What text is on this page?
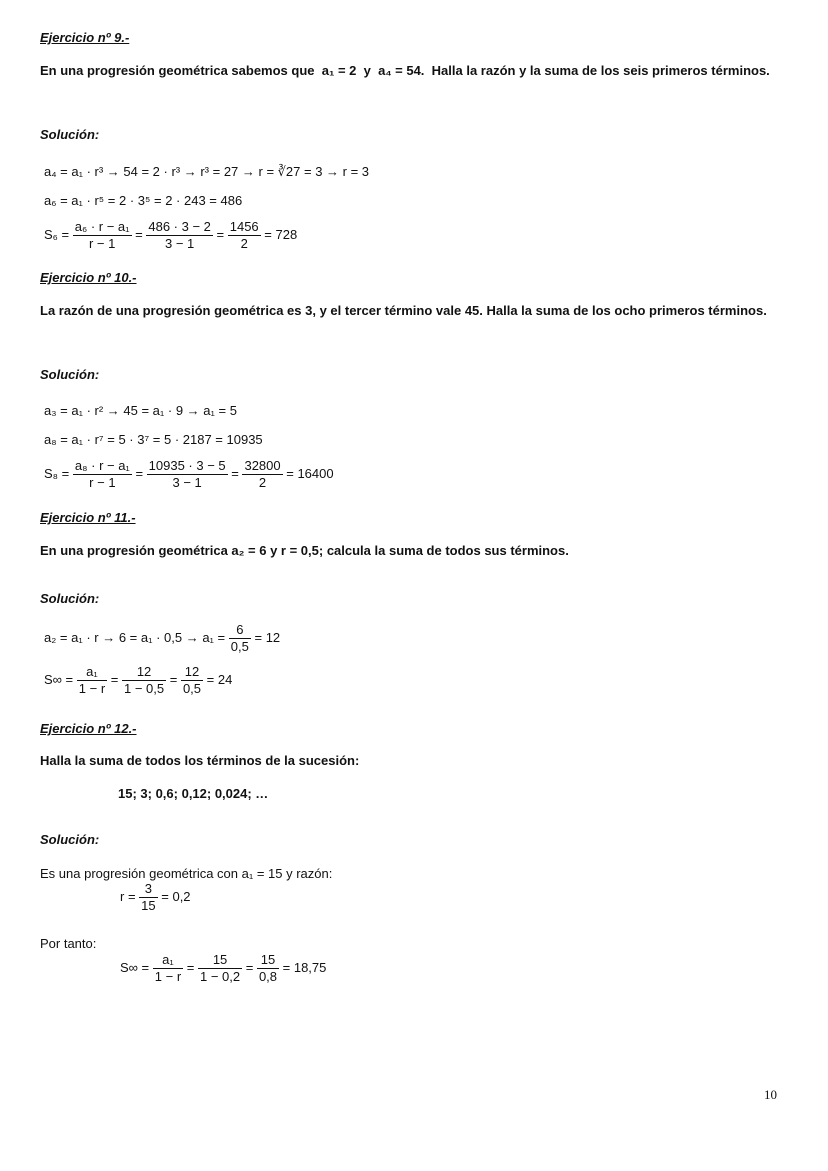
Ejercicio nº 9.-
En una progresión geométrica sabemos que a₁ = 2 y a₄ = 54. Halla la razón y la suma de los seis primeros términos.
Solución:
a₄ = a₁ · r³ → 54 = 2 · r³ → r³ = 27 → r = ∛27 = 3 → r = 3
a₆ = a₁ · r⁵ = 2 · 3⁵ = 2 · 243 = 486
$S_6 = \frac{\text{a₆ · r − a₁}}{r - 1} = \frac{486 \cdot 3 - 2}{3 - 1} = \frac{1456}{2} = 728$
Ejercicio nº 10.-
La razón de una progresión geométrica es 3, y el tercer término vale 45. Halla la suma de los ocho primeros términos.
Solución:
a₃ = a₁ · r² → 45 = a₁ · 9 → a₁ = 5
a₈ = a₁ · r⁷ = 5 · 3⁷ = 5 · 2187 = 10935
$S_8 = \frac{\text{a₈ · r − a₁}}{r - 1} = \frac{10935 \cdot 3 - 5}{3 - 1} = \frac{32800}{2} = 16400$
Ejercicio nº 11.-
En una progresión geométrica a₂ = 6 y r = 0,5; calcula la suma de todos sus términos.
Solución:
$a_2 = a_1 \cdot r \to 6 = a_1 \cdot 0,5 \to a_1 = \frac{6}{0,5} = 12$
$S\infty = \frac{\text{a₁}}{1 - r} = \frac{12}{1 - 0,5} = \frac{12}{0,5} = 24$
Ejercicio nº 12.-
Halla la suma de todos los términos de la sucesión:
15; 3; 0,6; 0,12; 0,024; …
Solución:
Es una progresión geométrica con a₁ = 15 y razón:
$r = \frac{3}{15} = 0,2$
Por tanto:
$S\infty = \frac{\text{a₁}}{1 - r} = \frac{15}{1 - 0,2} = \frac{15}{0,8} = 18,75$
10
